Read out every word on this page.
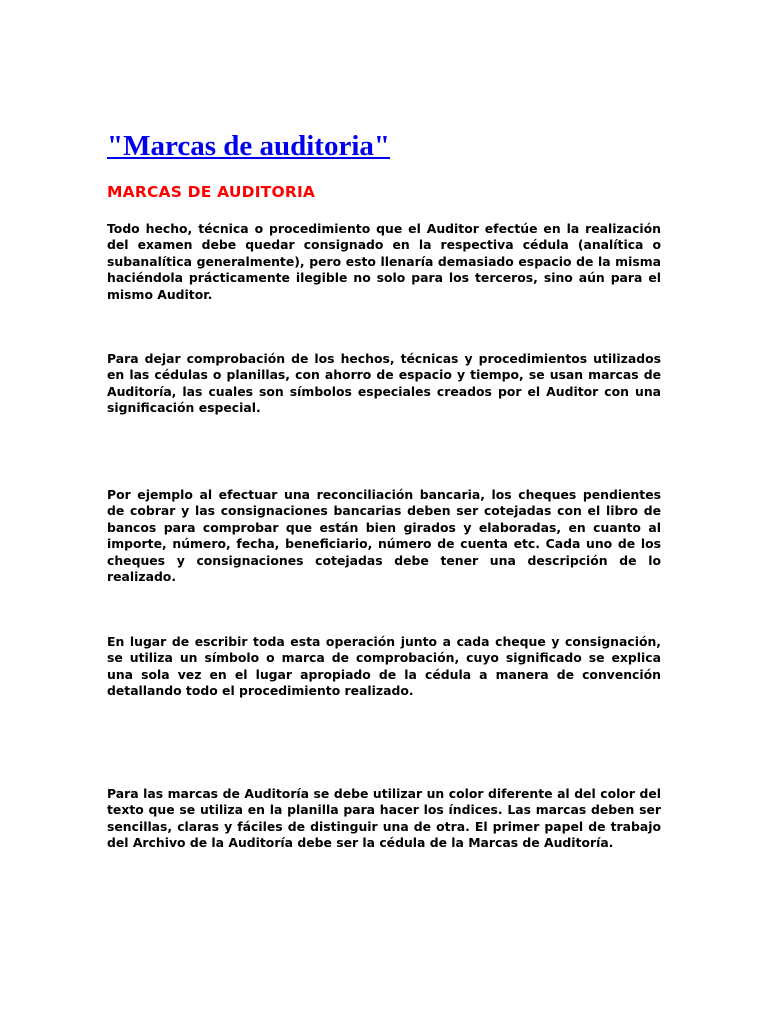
"Marcas de auditoria"
MARCAS DE AUDITORIA

Todo hecho, técnica o procedimiento que el Auditor efectúe en la realización del examen debe quedar consignado en la respectiva cédula (analítica o subanalítica generalmente), pero esto llenaría demasiado espacio de la misma haciéndola prácticamente ilegible no solo para los terceros, sino aún para el mismo Auditor.

Para dejar comprobación de los hechos, técnicas y procedimientos utilizados en las cédulas o planillas, con ahorro de espacio y tiempo, se usan marcas de Auditoría, las cuales son símbolos especiales creados por el Auditor con una significación especial.

Por ejemplo al efectuar una reconciliación bancaria, los cheques pendientes de cobrar y las consignaciones bancarias deben ser cotejadas con el libro de bancos para comprobar que están bien girados y elaboradas, en cuanto al importe, número, fecha, beneficiario, número de cuenta etc. Cada uno de los cheques y consignaciones cotejadas debe tener una descripción de lo realizado.

En lugar de escribir toda esta operación junto a cada cheque y consignación, se utiliza un símbolo o marca de comprobación, cuyo significado se explica una sola vez en el lugar apropiado de la cédula a manera de convención detallando todo el procedimiento realizado.

Para las marcas de Auditoría se debe utilizar un color diferente al del color del texto que se utiliza en la planilla para hacer los índices. Las marcas deben ser sencillas, claras y fáciles de distinguir una de otra. El primer papel de trabajo del Archivo de la Auditoría debe ser la cédula de la Marcas de Auditoría.
